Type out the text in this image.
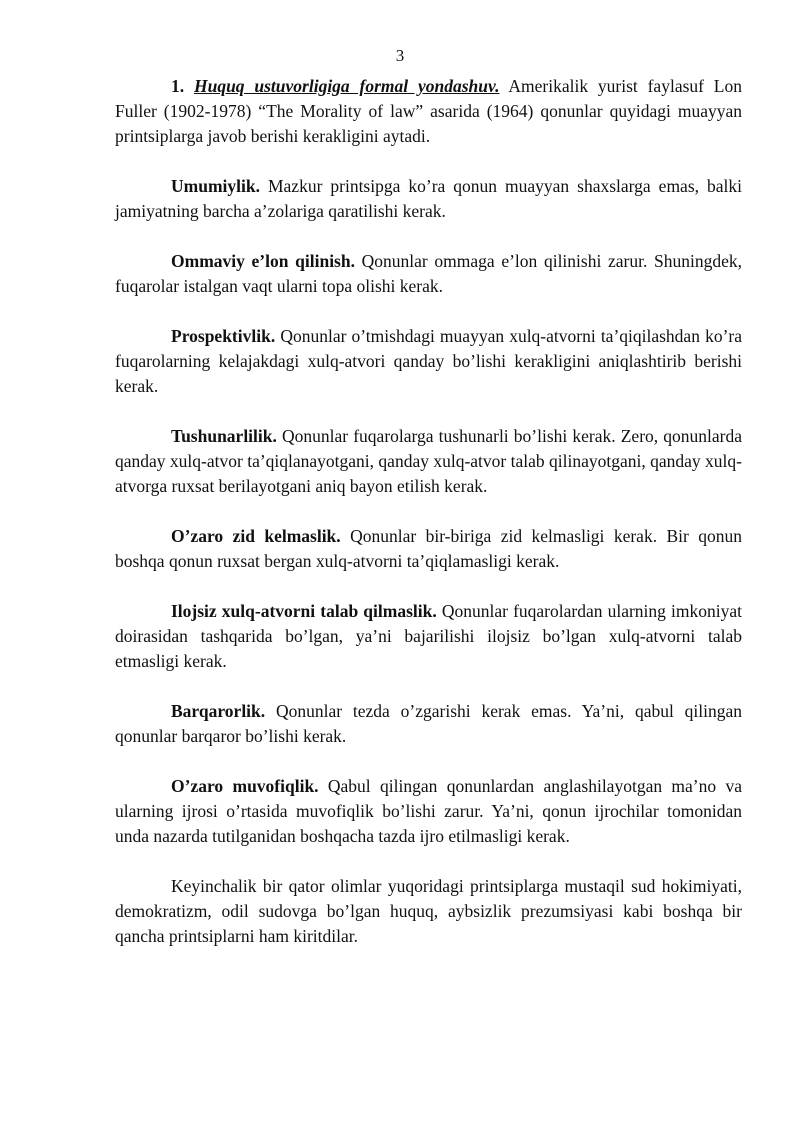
3

1. Huquq ustuvorligiga formal yondashuv. Amerikalik yurist faylasuf Lon Fuller (1902-1978) “The Morality of law” asarida (1964) qonunlar quyidagi muayyan printsiplarga javob berishi kerakligini aytadi.

Umumiylik. Mazkur printsipga ko’ra qonun muayyan shaxslarga emas, balki jamiyatning barcha a’zolariga qaratilishi kerak.

Ommaviy e’lon qilinish. Qonunlar ommaga e’lon qilinishi zarur. Shuningdek, fuqarolar istalgan vaqt ularni topa olishi kerak.

Prospektivlik. Qonunlar o’tmishdagi muayyan xulq-atvorni ta’qiqilashdan ko’ra fuqarolarning kelajakdagi xulq-atvori qanday bo’lishi kerakligini aniqlashtirib berishi kerak.

Tushunarlilik. Qonunlar fuqarolarga tushunarli bo’lishi kerak. Zero, qonunlarda qanday xulq-atvor ta’qiqlanayotgani, qanday xulq-atvor talab qilinayotgani, qanday xulq-atvorga ruxsat berilayotgani aniq bayon etilish kerak.

O’zaro zid kelmaslik. Qonunlar bir-biriga zid kelmasligi kerak. Bir qonun boshqa qonun ruxsat bergan xulq-atvorni ta’qiqlamasligi kerak.

Ilojsiz xulq-atvorni talab qilmaslik. Qonunlar fuqarolardan ularning imkoniyat doirasidan tashqarida bo’lgan, ya’ni bajarilishi ilojsiz bo’lgan xulq-atvorni talab etmasligi kerak.

Barqarorlik. Qonunlar tezda o’zgarishi kerak emas. Ya’ni, qabul qilingan qonunlar barqaror bo’lishi kerak.

O’zaro muvofiqlik. Qabul qilingan qonunlardan anglashilayotgan ma’no va ularning ijrosi o’rtasida muvofiqlik bo’lishi zarur. Ya’ni, qonun ijrochilar tomonidan unda nazarda tutilganidan boshqacha tazda ijro etilmasligi kerak.

Keyinchalik bir qator olimlar yuqoridagi printsiplarga mustaqil sud hokimiyati, demokratizm, odil sudovga bo’lgan huquq, aybsizlik prezumsiyasi kabi boshqa bir qancha printsiplarni ham kiritdilar.
